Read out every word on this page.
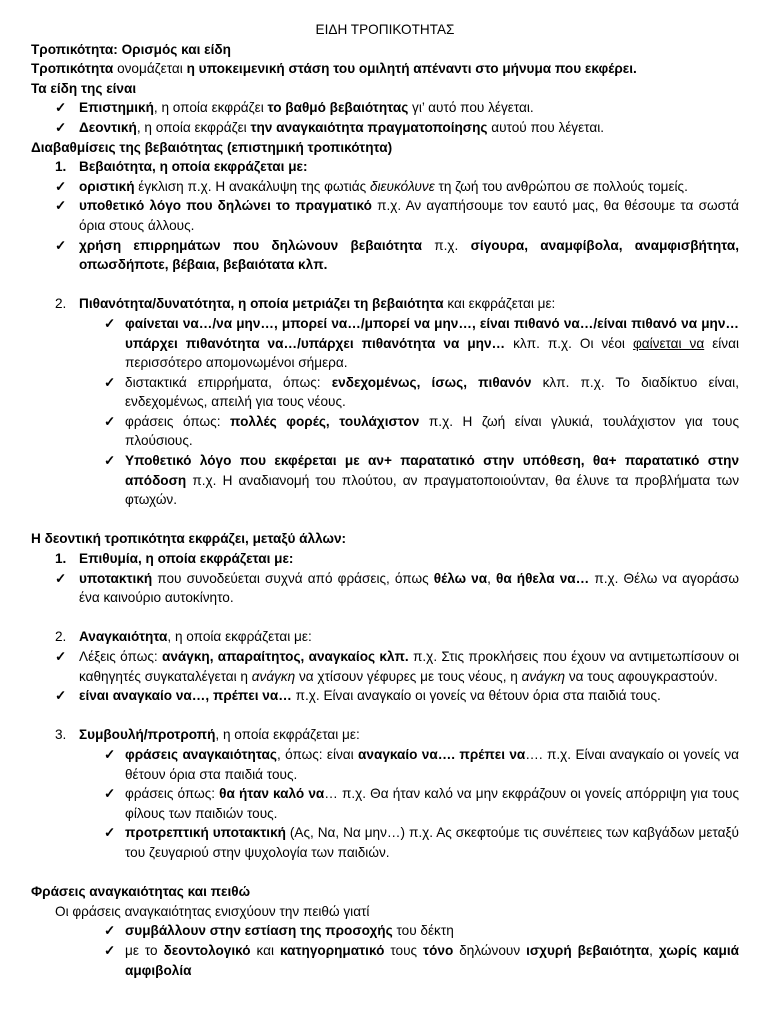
ΕΙΔΗ ΤΡΟΠΙΚΟΤΗΤΑΣ
Τροπικότητα: Ορισμός και είδη
Τροπικότητα ονομάζεται η υποκειμενική στάση του ομιλητή απέναντι στο μήνυμα που εκφέρει.
Τα είδη της είναι
✓ Επιστημική, η οποία εκφράζει το βαθμό βεβαιότητας γι’ αυτό που λέγεται.
✓ Δεοντική, η οποία εκφράζει την αναγκαιότητα πραγματοποίησης αυτού που λέγεται.
Διαβαθμίσεις της βεβαιότητας (επιστημική τροπικότητα)
1. Βεβαιότητα, η οποία εκφράζεται με:
✓ οριστική έγκλιση π.χ. Η ανακάλυψη της φωτιάς διευκόλυνε τη ζωή του ανθρώπου σε πολλούς τομείς.
✓ υποθετικό λόγο που δηλώνει το πραγματικό π.χ. Αν αγαπήσουμε τον εαυτό μας, θα θέσουμε τα σωστά όρια στους άλλους.
✓ χρήση επιρρημάτων που δηλώνουν βεβαιότητα π.χ. σίγουρα, αναμφίβολα, αναμφισβήτητα, οπωσδήποτε, βέβαια, βεβαιότατα κλπ.
2. Πιθανότητα/δυνατότητα, η οποία μετριάζει τη βεβαιότητα και εκφράζεται με:
✓ φαίνεται να…/να μην…, μπορεί να…/μπορεί να μην…, είναι πιθανό να…/είναι πιθανό να μην… υπάρχει πιθανότητα να…/υπάρχει πιθανότητα να μην… κλπ. π.χ. Οι νέοι φαίνεται να είναι περισσότερο απομονωμένοι σήμερα.
✓ διστακτικά επιρρήματα, όπως: ενδεχομένως, ίσως, πιθανόν κλπ. π.χ. Το διαδίκτυο είναι, ενδεχομένως, απειλή για τους νέους.
✓ φράσεις όπως: πολλές φορές, τουλάχιστον π.χ. Η ζωή είναι γλυκιά, τουλάχιστον για τους πλούσιους.
✓ Υποθετικό λόγο που εκφέρεται με αν+ παρατατικό στην υπόθεση, θα+ παρατατικό στην απόδοση π.χ. Η αναδιανομή του πλούτου, αν πραγματοποιούνταν, θα έλυνε τα προβλήματα των φτωχών.
Η δεοντική τροπικότητα εκφράζει, μεταξύ άλλων:
1. Επιθυμία, η οποία εκφράζεται με:
✓ υποτακτική που συνοδεύεται συχνά από φράσεις, όπως θέλω να, θα ήθελα να… π.χ. Θέλω να αγοράσω ένα καινούριο αυτοκίνητο.
2. Αναγκαιότητα, η οποία εκφράζεται με:
✓ Λέξεις όπως: ανάγκη, απαραίτητος, αναγκαίος κλπ. π.χ. Στις προκλήσεις που έχουν να αντιμετωπίσουν οι καθηγητές συγκαταλέγεται η ανάγκη να χτίσουν γέφυρες με τους νέους, η ανάγκη να τους αφουγκραστούν.
✓ είναι αναγκαίο να…, πρέπει να… π.χ. Είναι αναγκαίο οι γονείς να θέτουν όρια στα παιδιά τους.
3. Συμβουλή/προτροπή, η οποία εκφράζεται με:
✓ φράσεις αναγκαιότητας, όπως: είναι αναγκαίο να…. πρέπει να…. π.χ. Είναι αναγκαίο οι γονείς να θέτουν όρια στα παιδιά τους.
✓ φράσεις όπως: θα ήταν καλό να… π.χ. Θα ήταν καλό να μην εκφράζουν οι γονείς απόρριψη για τους φίλους των παιδιών τους.
✓ προτρεπτική υποτακτική (Ας, Να, Να μην…) π.χ. Ας σκεφτούμε τις συνέπειες των καβγάδων μεταξύ του ζευγαριού στην ψυχολογία των παιδιών.
Φράσεις αναγκαιότητας και πειθώ
Οι φράσεις αναγκαιότητας ενισχύουν την πειθώ γιατί
✓ συμβάλλουν στην εστίαση της προσοχής του δέκτη
✓ με το δεοντολογικό και κατηγορηματικό τους τόνο δηλώνουν ισχυρή βεβαιότητα, χωρίς καμιά αμφιβολία
